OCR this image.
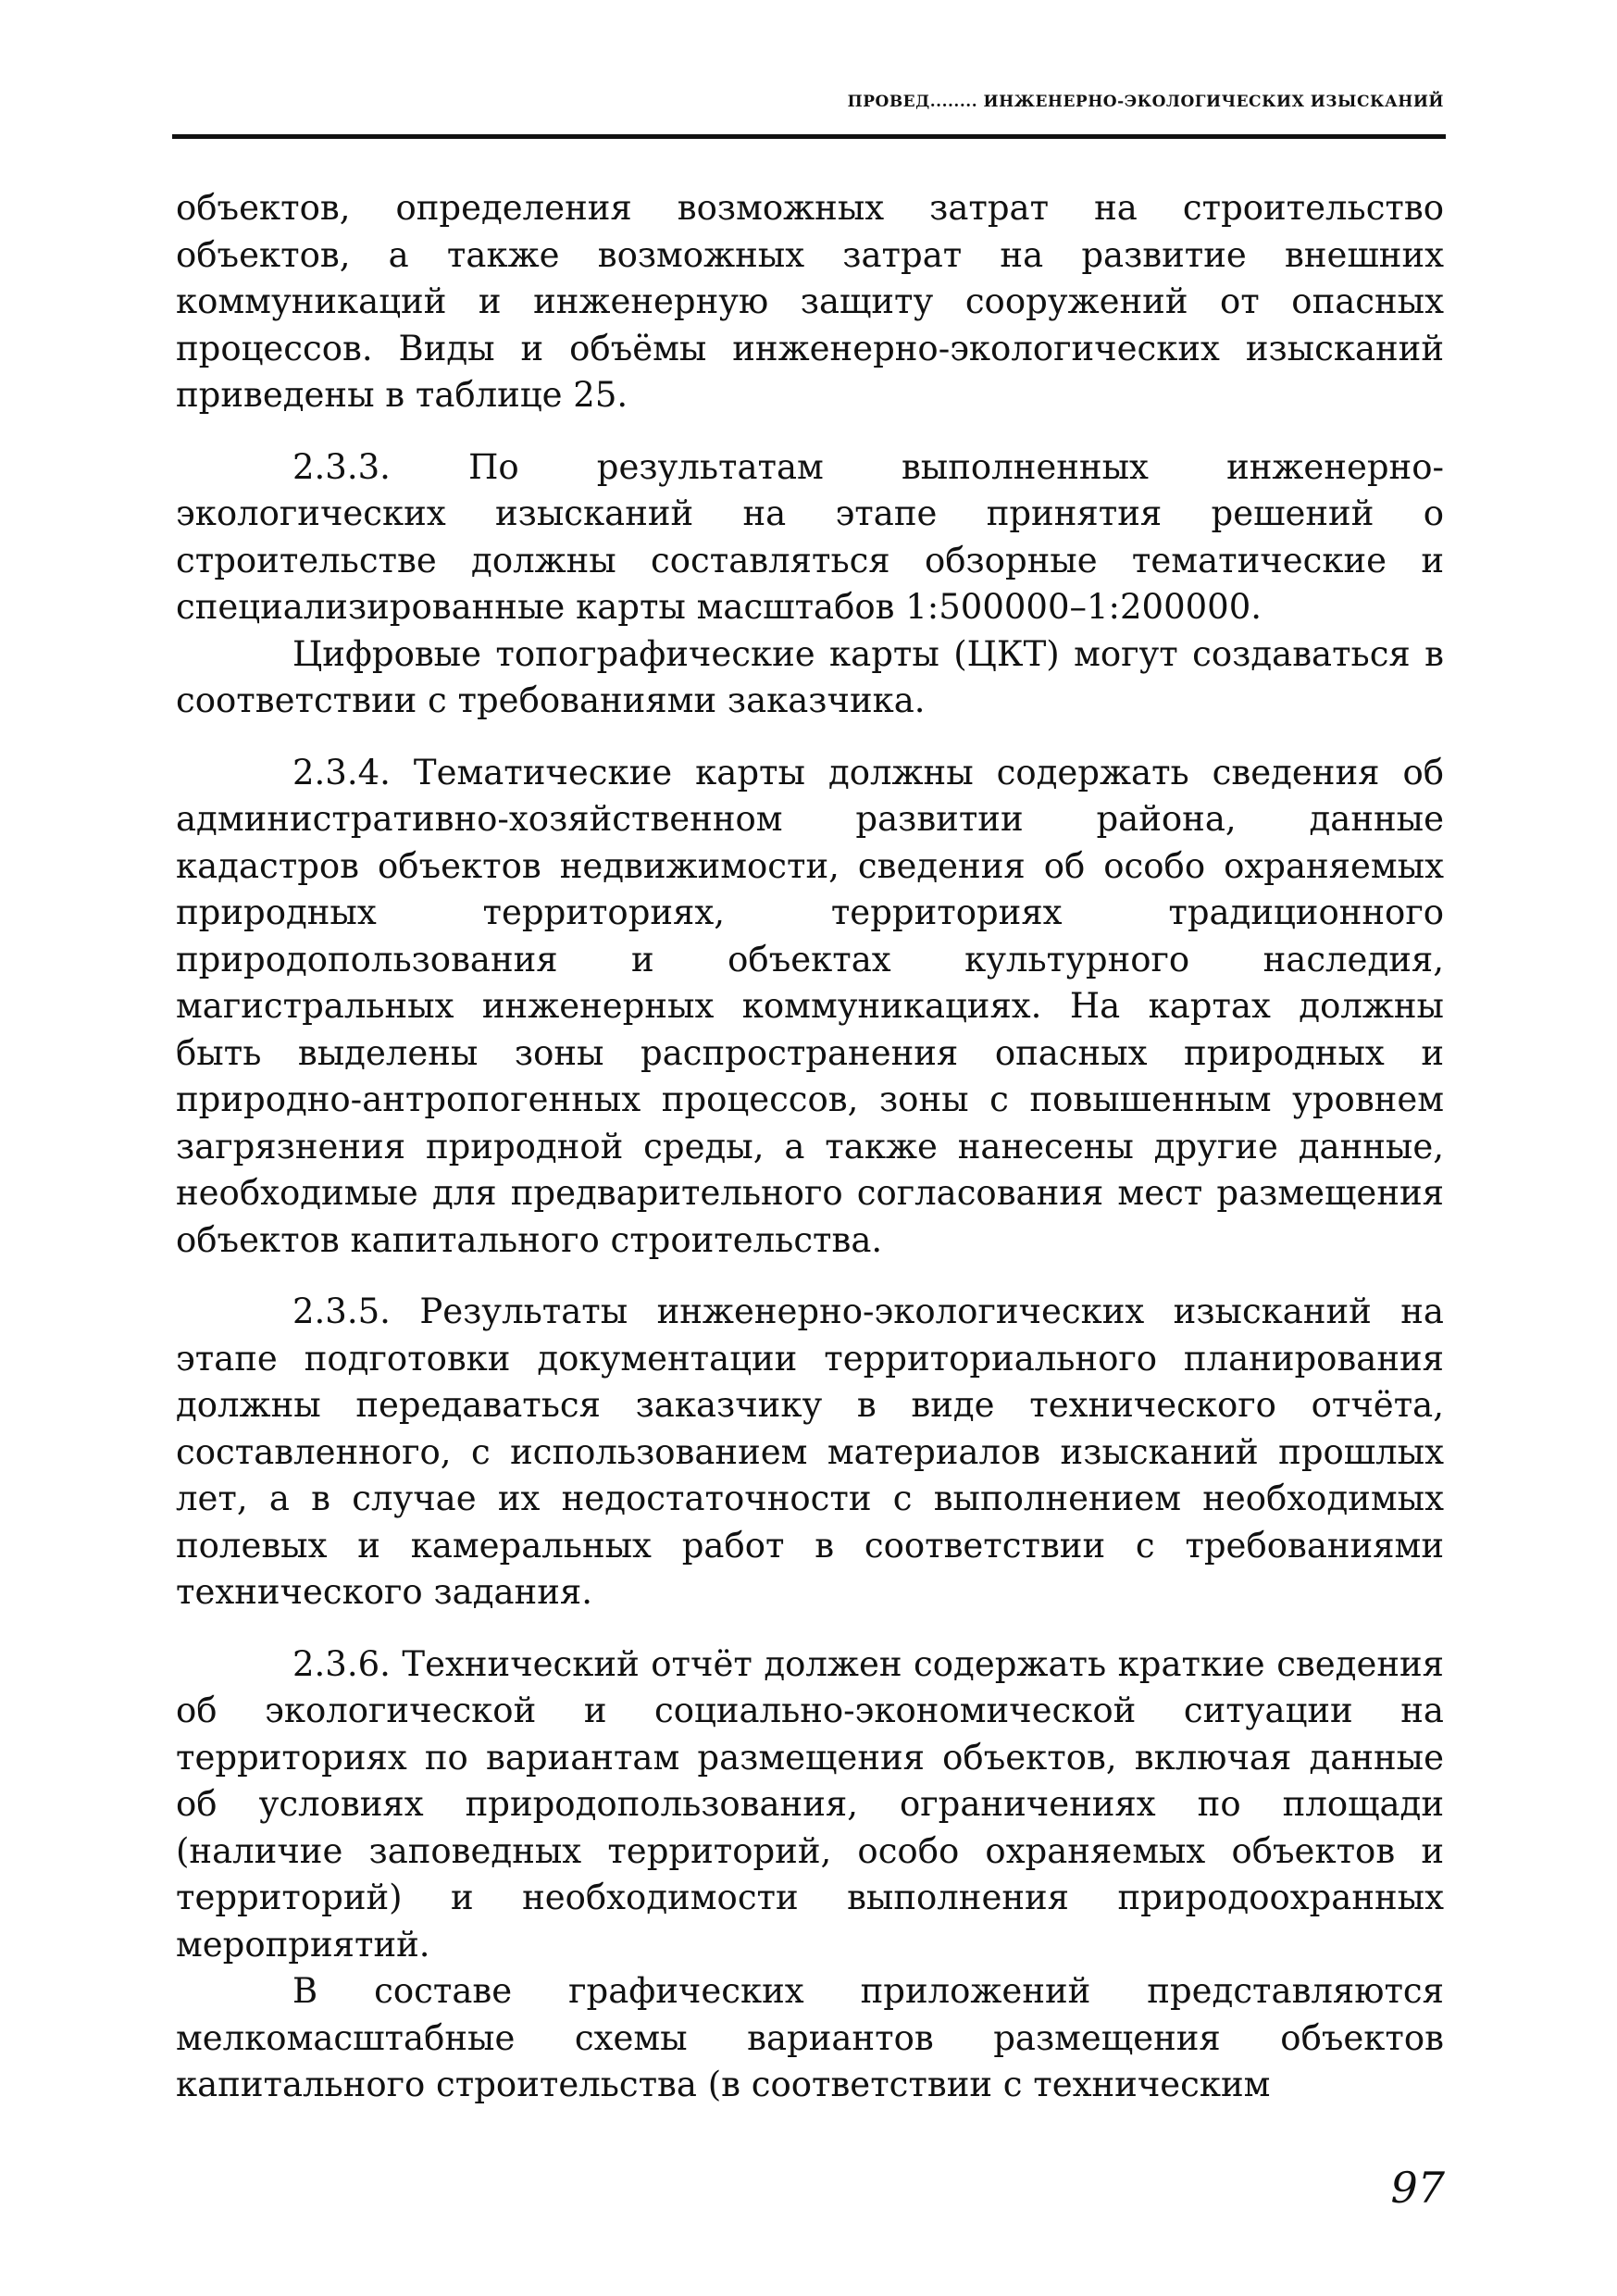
ПРОВЕД........ ИНЖЕНЕРНО-ЭКОЛОГИЧЕСКИХ ИЗЫСКАНИЙ

объектов, определения возможных затрат на строительство объектов, а также возможных затрат на развитие внешних коммуникаций и инженерную защиту сооружений от опасных процессов. Виды и объёмы инженерно-экологических изысканий приведены в таблице 25.

2.3.3. По результатам выполненных инженерно-экологических изысканий на этапе принятия решений о строительстве должны составляться обзорные тематические и специализированные карты масштабов 1:500000–1:200000.

Цифровые топографические карты (ЦКТ) могут создаваться в соответствии с требованиями заказчика.

2.3.4. Тематические карты должны содержать сведения об административно-хозяйственном развитии района, данные кадастров объектов недвижимости, сведения об особо охраняемых природных территориях, территориях традиционного природопользования и объектах культурного наследия, магистральных инженерных коммуникациях. На картах должны быть выделены зоны распространения опасных природных и природно-антропогенных процессов, зоны с повышенным уровнем загрязнения природной среды, а также нанесены другие данные, необходимые для предварительного согласования мест размещения объектов капитального строительства.

2.3.5. Результаты инженерно-экологических изысканий на этапе подготовки документации территориального планирования должны передаваться заказчику в виде технического отчёта, составленного, с использованием материалов изысканий прошлых лет, а в случае их недостаточности с выполнением необходимых полевых и камеральных работ в соответствии с требованиями технического задания.

2.3.6. Технический отчёт должен содержать краткие сведения об экологической и социально-экономической ситуации на территориях по вариантам размещения объектов, включая данные об условиях природопользования, ограничениях по площади (наличие заповедных территорий, особо охраняемых объектов и территорий) и необходимости выполнения природоохранных мероприятий.

В составе графических приложений представляются мелкомасштабные схемы вариантов размещения объектов капитального строительства (в соответствии с техническим

97
